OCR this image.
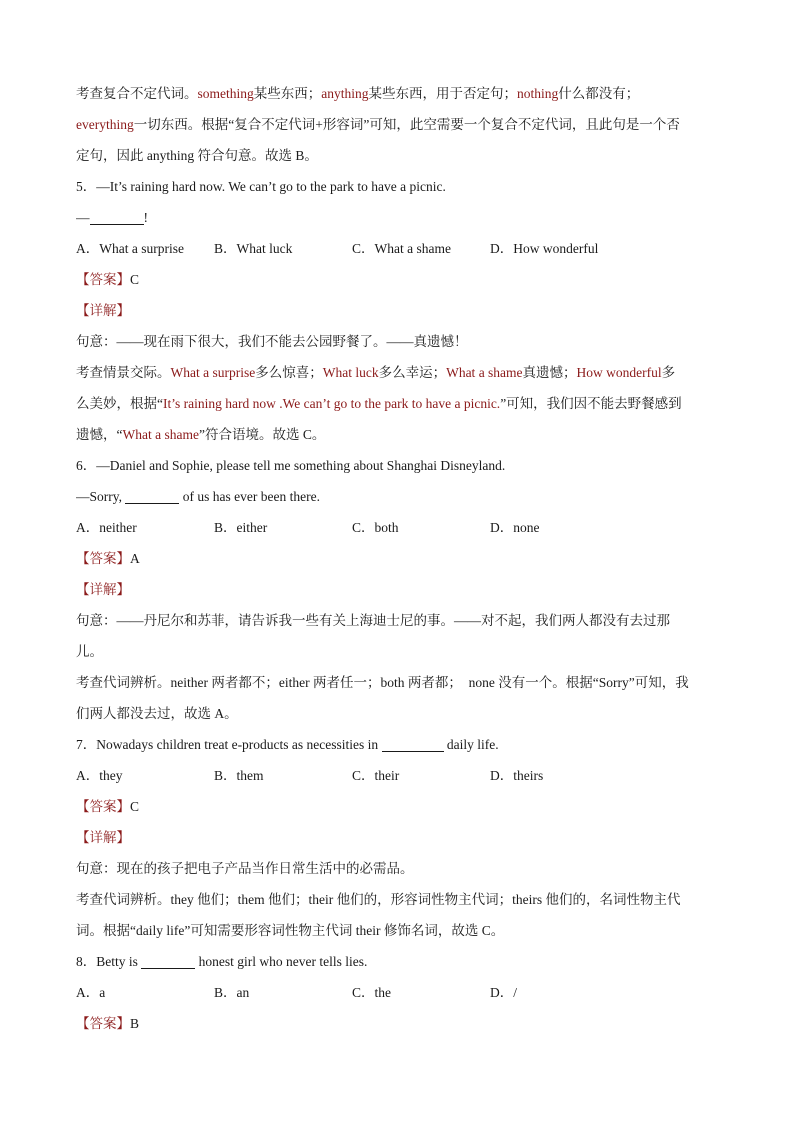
考查复合不定代词。something某些东西；anything某些东西，用于否定句；nothing什么都没有；
everything一切东西。根据“复合不定代词+形容词”可知，此空需要一个复合不定代词，且此句是一个否
定句，因此 anything 符合句意。故选 B。
5．—It’s raining hard now. We can’t go to the park to have a picnic.
—	!
A．What a surprise	B．What luck	C．What a shame	D．How wonderful
【答案】C
【详解】
句意：——现在雨下很大，我们不能去公园野餐了。——真遗憾！
考查情景交际。What a surprise多么惊喜；What luck多么幸运；What a shame真遗憾；How wonderful多
么美妙，根据“It’s raining hard now .We can’t go to the park to have a picnic.”可知，我们因不能去野餐感到
遗憾，“What a shame”符合语境。故选 C。
6．—Daniel and Sophie, please tell me something about Shanghai Disneyland.
—Sorry,	of us has ever been there.
A．neither	B．either	C．both	D．none
【答案】A
【详解】
句意：——丹尼尔和苏菲，请告诉我一些有关上海迪士尼的事。——对不起，我们两人都没有去过那
儿。
考查代词辨析。neither 两者都不；either 两者任一；both 两者都； none 没有一个。根据“Sorry”可知，我
们两人都没去过，故选 A。
7．Nowadays children treat e-products as necessities in	daily life.
A．they	B．them	C．their	D．theirs
【答案】C
【详解】
句意：现在的孩子把电子产品当作日常生活中的必需品。
考查代词辨析。they 他们；them 他们；their 他们的，形容词性物主代词；theirs 他们的，名词性物主代
词。根据“daily life”可知需要形容词性物主代词 their 修饰名词，故选 C。
8．Betty is	honest girl who never tells lies.
A．a	B．an	C．the	D．/
【答案】B
